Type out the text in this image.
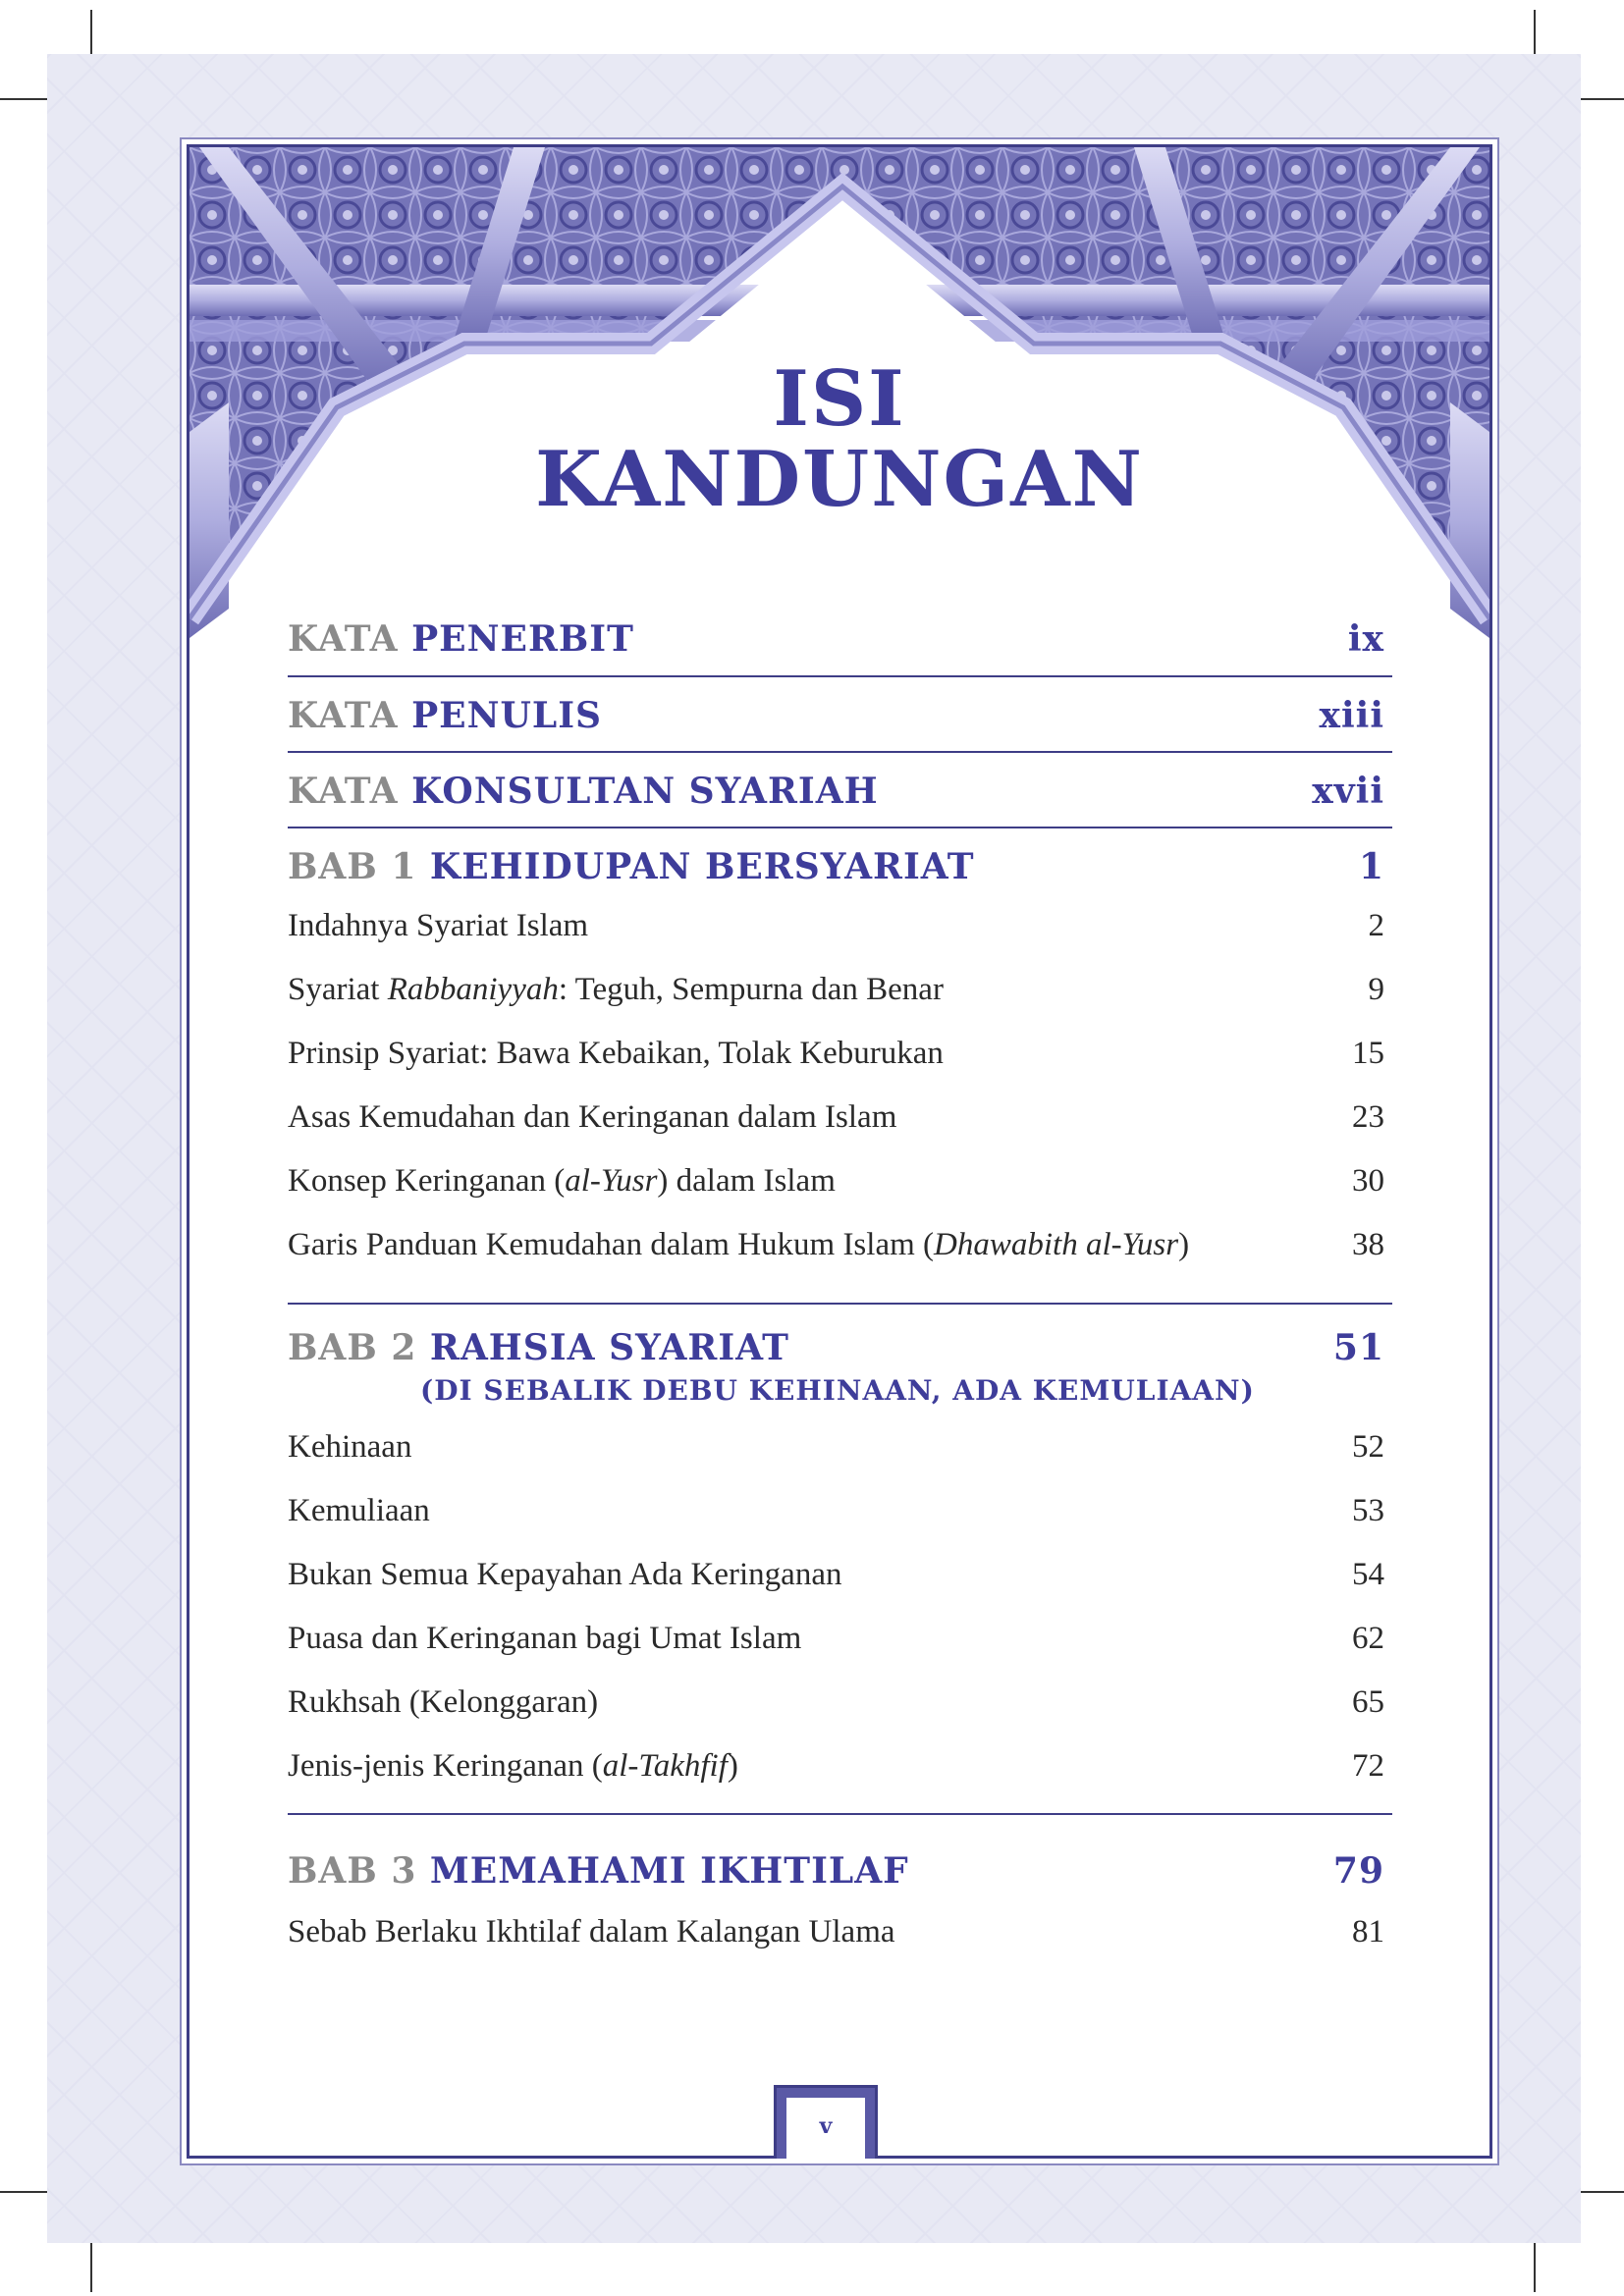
ISI
KANDUNGAN
KATA PENERBIT	ix
KATA PENULIS	xiii
KATA KONSULTAN SYARIAH	xvii
BAB 1 KEHIDUPAN BERSYARIAT	1
Indahnya Syariat Islam	2
Syariat Rabbaniyyah: Teguh, Sempurna dan Benar	9
Prinsip Syariat: Bawa Kebaikan, Tolak Keburukan	15
Asas Kemudahan dan Keringanan dalam Islam	23
Konsep Keringanan (al-Yusr) dalam Islam	30
Garis Panduan Kemudahan dalam Hukum Islam (Dhawabith al-Yusr)	38
BAB 2 RAHSIA SYARIAT	51
(DI SEBALIK DEBU KEHINAAN, ADA KEMULIAAN)
Kehinaan	52
Kemuliaan	53
Bukan Semua Kepayahan Ada Keringanan	54
Puasa dan Keringanan bagi Umat Islam	62
Rukhsah (Kelonggaran)	65
Jenis-jenis Keringanan (al-Takhfif)	72
BAB 3 MEMAHAMI IKHTILAF	79
Sebab Berlaku Ikhtilaf dalam Kalangan Ulama	81
v
